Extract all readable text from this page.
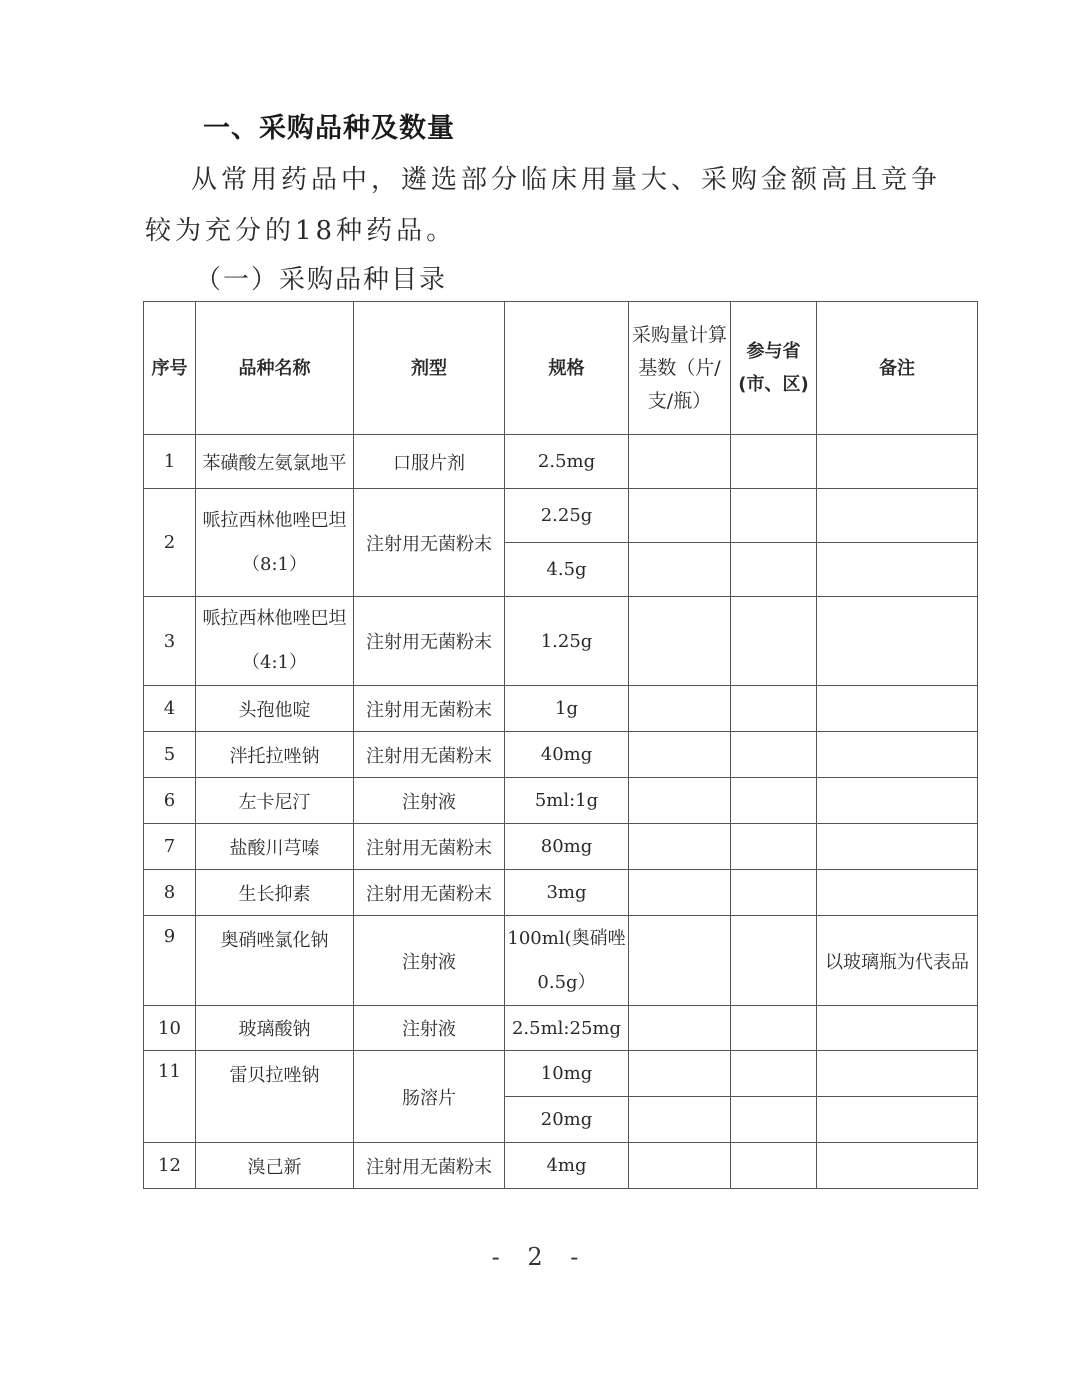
一、采购品种及数量
从常用药品中，遴选部分临床用量大、采购金额高且竞争较为充分的18种药品。
（一）采购品种目录
序号	品种名称	剂型	规格	采购量计算基数（片/支/瓶）	参与省(市、区)	备注
1	苯磺酸左氨氯地平	口服片剂	2.5mg			
2	哌拉西林他唑巴坦（8:1）	注射用无菌粉末	2.25g			
			4.5g			
3	哌拉西林他唑巴坦（4:1）	注射用无菌粉末	1.25g			
4	头孢他啶	注射用无菌粉末	1g			
5	泮托拉唑钠	注射用无菌粉末	40mg			
6	左卡尼汀	注射液	5ml:1g			
7	盐酸川芎嗪	注射用无菌粉末	80mg			
8	生长抑素	注射用无菌粉末	3mg			
9	奥硝唑氯化钠	注射液	100ml(奥硝唑0.5g）			以玻璃瓶为代表品
10	玻璃酸钠	注射液	2.5ml:25mg			
11	雷贝拉唑钠	肠溶片	10mg			
			20mg			
12	溴己新	注射用无菌粉末	4mg			
- 2 -
